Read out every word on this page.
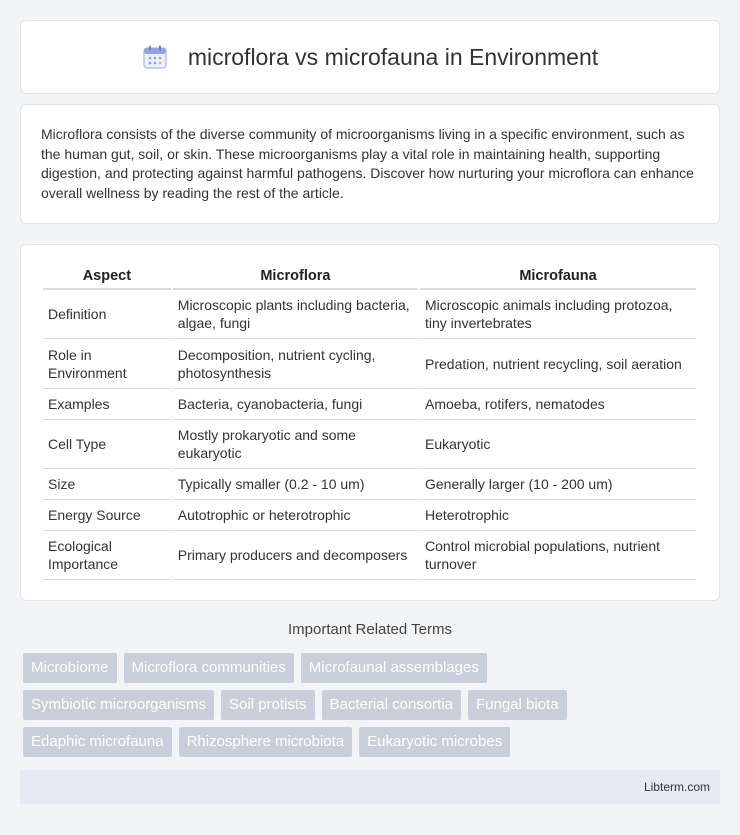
microflora vs microfauna in Environment

Microflora consists of the diverse community of microorganisms living in a specific environment, such as the human gut, soil, or skin. These microorganisms play a vital role in maintaining health, supporting digestion, and protecting against harmful pathogens. Discover how nurturing your microflora can enhance overall wellness by reading the rest of the article.

Aspect	Microflora	Microfauna
Definition	Microscopic plants including bacteria, algae, fungi	Microscopic animals including protozoa, tiny invertebrates
Role in Environment	Decomposition, nutrient cycling, photosynthesis	Predation, nutrient recycling, soil aeration
Examples	Bacteria, cyanobacteria, fungi	Amoeba, rotifers, nematodes
Cell Type	Mostly prokaryotic and some eukaryotic	Eukaryotic
Size	Typically smaller (0.2 - 10 um)	Generally larger (10 - 200 um)
Energy Source	Autotrophic or heterotrophic	Heterotrophic
Ecological Importance	Primary producers and decomposers	Control microbial populations, nutrient turnover
Important Related Terms
Microbiome	Microflora communities	Microfaunal assemblages
Symbiotic microorganisms	Soil protists	Bacterial consortia	Fungal biota
Edaphic microfauna	Rhizosphere microbiota	Eukaryotic microbes
Libterm.com
